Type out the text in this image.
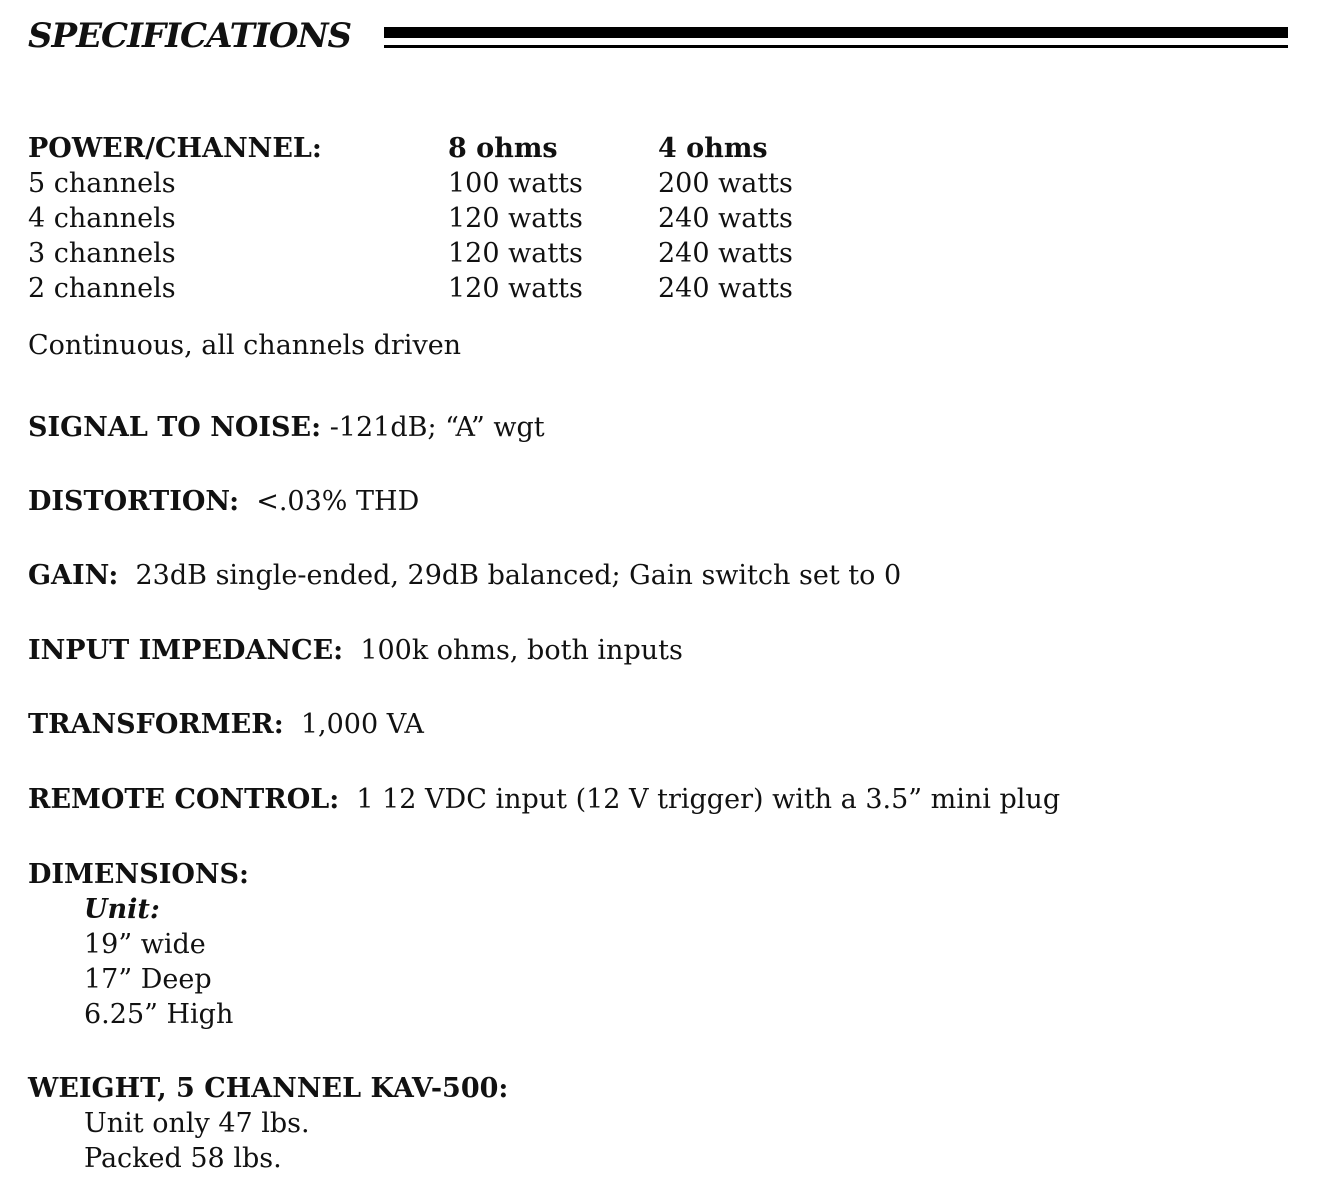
SPECIFICATIONS
POWER/CHANNEL:	8 ohms	4 ohms
5 channels	100 watts	200 watts
4 channels	120 watts	240 watts
3 channels	120 watts	240 watts
2 channels	120 watts	240 watts
Continuous, all channels driven
SIGNAL TO NOISE: -121dB; “A” wgt
DISTORTION: <.03% THD
GAIN: 23dB single-ended, 29dB balanced; Gain switch set to 0
INPUT IMPEDANCE: 100k ohms, both inputs
TRANSFORMER: 1,000 VA
REMOTE CONTROL: 1 12 VDC input (12 V trigger) with a 3.5” mini plug
DIMENSIONS:
Unit:
19” wide
17” Deep
6.25” High
WEIGHT, 5 CHANNEL KAV-500:
Unit only 47 lbs.
Packed 58 lbs.
